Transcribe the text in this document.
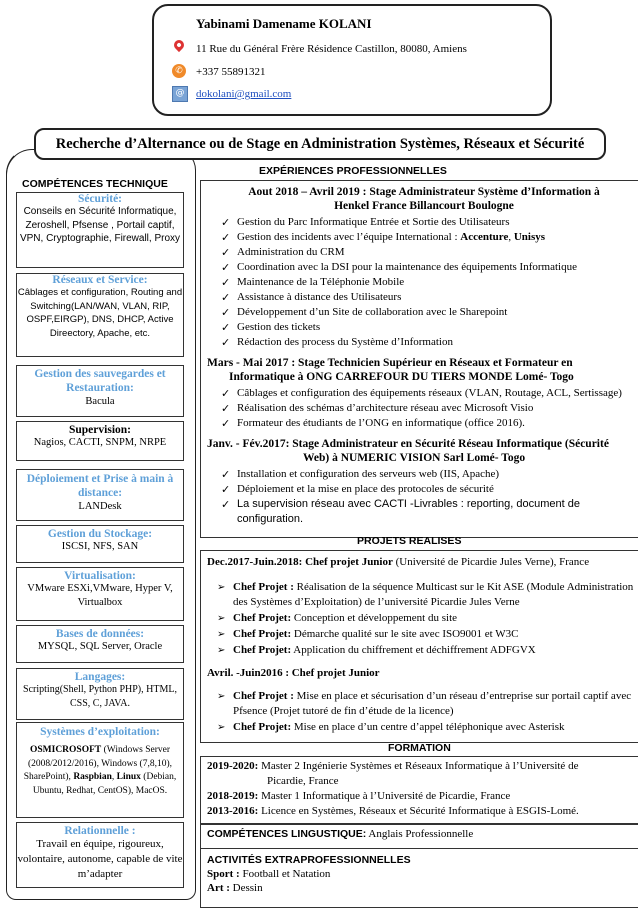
Yabinami Damename KOLANI
11 Rue du Général Frère Résidence Castillon, 80080, Amiens
✆ +337 55891321
@	dokolani@gmail.com
Recherche d’Alternance ou de Stage en Administration Systèmes, Réseaux et Sécurité
COMPÉTENCES TECHNIQUE
Sécurité:
Conseils en Sécurité Informatique, Zeroshell, Pfsense , Portail captif, VPN, Cryptographie, Firewall, Proxy
Réseaux et Service:
Câblages et configuration, Routing and Switching(LAN/WAN, VLAN, RIP, OSPF,EIRGP), DNS, DHCP, Active Direectory, Apache, etc.
Gestion des sauvegardes et Restauration:
Bacula
Supervision:
Nagios, CACTI, SNPM, NRPE
Déploiement et Prise à main à distance:
LANDesk
Gestion du Stockage:
ISCSI, NFS, SAN
Virtualisation:
VMware ESXi,VMware, Hyper V, Virtualbox
Bases de données:
MYSQL, SQL Server, Oracle
Langages:
Scripting(Shell, Python PHP), HTML, CSS, C, JAVA.
Systèmes d’exploitation:
OSMICROSOFT (Windows Server (2008/2012/2016), Windows (7,8,10), SharePoint), Raspbian, Linux (Debian, Ubuntu, Redhat, CentOS), MacOS.
Relationnelle :
Travail en équipe, rigoureux, volontaire, autonome, capable de vite m’adapter
EXPÉRIENCES PROFESSIONNELLES
Aout 2018 – Avril 2019 : Stage Administrateur Système d’Information à
Henkel France Billancourt Boulogne
✓ Gestion du Parc Informatique Entrée et Sortie des Utilisateurs
✓ Gestion des incidents avec l’équipe International : Accenture, Unisys
✓ Administration du CRM
✓ Coordination avec la DSI pour la maintenance des équipements Informatique
✓ Maintenance de la Téléphonie Mobile
✓ Assistance à distance des Utilisateurs
✓ Développement d’un Site de collaboration avec le Sharepoint
✓ Gestion des tickets
✓ Rédaction des process du Système d’Information
Mars - Mai 2017 : Stage Technicien Supérieur en Réseaux et Formateur en
Informatique à ONG CARREFOUR DU TIERS MONDE Lomé- Togo
✓ Câblages et configuration des équipements réseaux (VLAN, Routage, ACL, Sertissage)
✓ Réalisation des schémas d’architecture réseau avec Microsoft Visio
✓ Formateur des étudiants de l’ONG en informatique (office 2016).
Janv. - Fév.2017: Stage Administrateur en Sécurité Réseau Informatique (Sécurité
Web) à NUMERIC VISION Sarl Lomé- Togo
✓ Installation et configuration des serveurs web (IIS, Apache)
✓ Déploiement et la mise en place des protocoles de sécurité
✓ La supervision réseau avec CACTI -Livrables : reporting, document de configuration.
PROJETS REALISES
Dec.2017-Juin.2018: Chef projet Junior (Université de Picardie Jules Verne), France
➢ Chef Projet : Réalisation de la séquence Multicast sur le Kit ASE (Module Administration des Systèmes d’Exploitation) de l’université Picardie Jules Verne
➢ Chef Projet: Conception et développement du site
➢ Chef Projet: Démarche qualité sur le site avec ISO9001 et W3C
➢ Chef Projet: Application du chiffrement et déchiffrement ADFGVX
Avril. -Juin2016 : Chef projet Junior
➢ Chef Projet : Mise en place et sécurisation d’un réseau d’entreprise sur portail captif avec Pfsence (Projet tutoré de fin d’étude de la licence)
➢ Chef Projet: Mise en place d’un centre d’appel téléphonique avec Asterisk
FORMATION
2019-2020: Master 2 Ingénierie Systèmes et Réseaux Informatique à l’Université de
Picardie, France
2018-2019: Master 1 Informatique à l’Université de Picardie, France
2013-2016: Licence en Systèmes, Réseaux et Sécurité Informatique à ESGIS-Lomé.
COMPÉTENCES LINGUSTIQUE: Anglais Professionnelle
ACTIVITÉS EXTRAPROFESSIONNELLES
Sport : Football et Natation
Art : Dessin
